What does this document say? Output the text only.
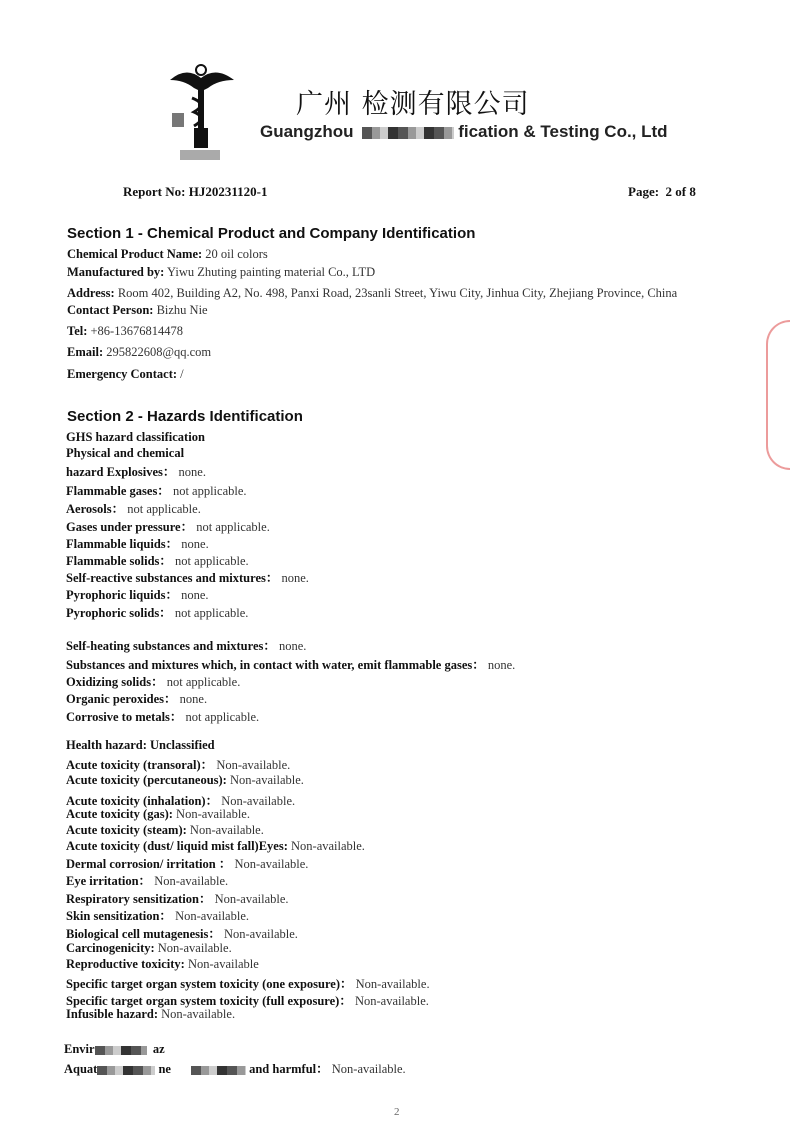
广州 检测有限公司
Guangzhou	fication & Testing Co., Ltd
Report No: HJ20231120-1	Page: 2 of 8
Section 1 - Chemical Product and Company Identification
Chemical Product Name: 20 oil colors
Manufactured by: Yiwu Zhuting painting material Co., LTD
Address: Room 402, Building A2, No. 498, Panxi Road, 23sanli Street, Yiwu City, Jinhua City, Zhejiang Province, China
Contact Person: Bizhu Nie
Tel: +86-13676814478
Email: 295822608@qq.com
Emergency Contact: /
Section 2 - Hazards Identification
GHS hazard classification
Physical and chemical
hazard Explosives： none.
Flammable gases： not applicable.
Aerosols： not applicable.
Gases under pressure： not applicable.
Flammable liquids： none.
Flammable solids： not applicable.
Self-reactive substances and mixtures： none.
Pyrophoric liquids： none.
Pyrophoric solids： not applicable.
Self-heating substances and mixtures： none.
Substances and mixtures which, in contact with water, emit flammable gases： none.
Oxidizing solids： not applicable.
Organic peroxides： none.
Corrosive to metals： not applicable.
Health hazard: Unclassified
Acute toxicity (transoral)： Non-available.
Acute toxicity (percutaneous): Non-available.
Acute toxicity (inhalation)： Non-available.
Acute toxicity (gas): Non-available.
Acute toxicity (steam): Non-available.
Acute toxicity (dust/ liquid mist fall)Eyes: Non-available.
Dermal corrosion/ irritation ： Non-available.
Eye irritation： Non-available.
Respiratory sensitization： Non-available.
Skin sensitization： Non-available.
Biological cell mutagenesis： Non-available.
Carcinogenicity: Non-available.
Reproductive toxicity: Non-available
Specific target organ system toxicity (one exposure)： Non-available.
Specific target organ system toxicity (full exposure)： Non-available.
Infusible hazard: Non-available.
Envir	az
Aquat	ne	and harmful： Non-available.
2
